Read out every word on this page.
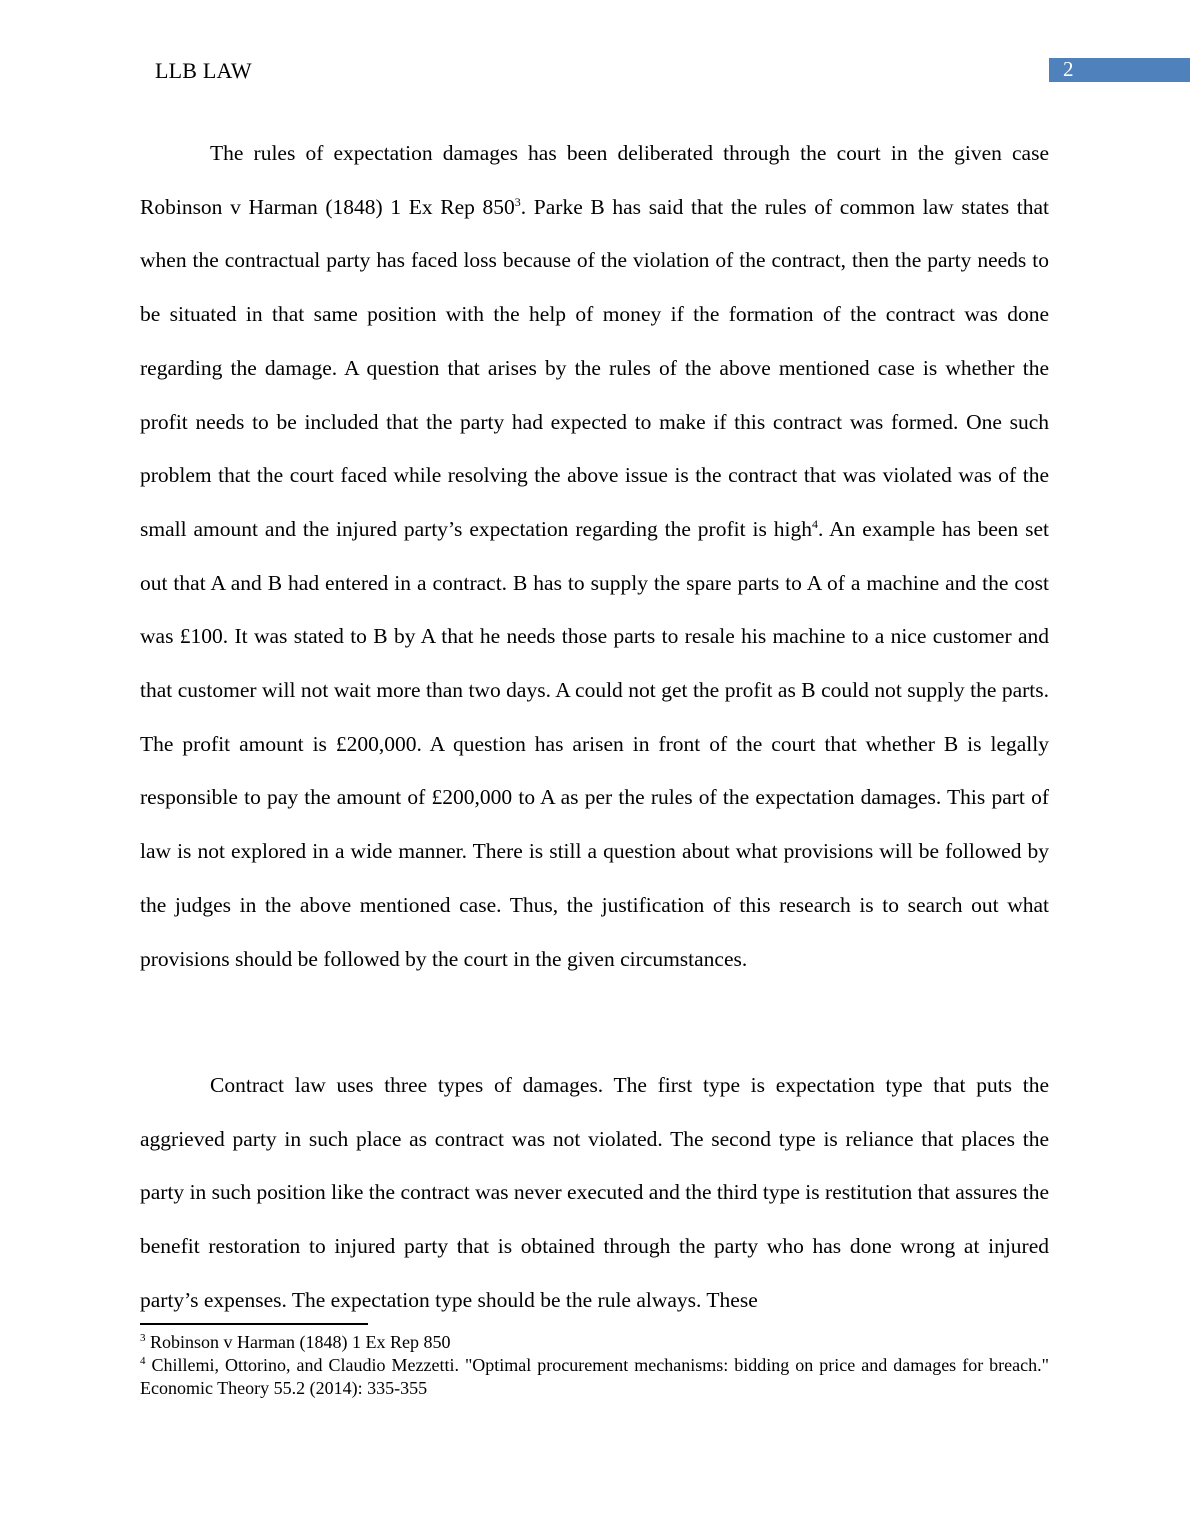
LLB LAW	2

The rules of expectation damages has been deliberated through the court in the given case Robinson v Harman (1848) 1 Ex Rep $850^3$. Parke B has said that the rules of common law states that when the contractual party has faced loss because of the violation of the contract, then the party needs to be situated in that same position with the help of money if the formation of the contract was done regarding the damage. A question that arises by the rules of the above mentioned case is whether the profit needs to be included that the party had expected to make if this contract was formed. One such problem that the court faced while resolving the above issue is the contract that was violated was of the small amount and the injured party’s expectation regarding the profit is high$^4$. An example has been set out that A and B had entered in a contract. B has to supply the spare parts to A of a machine and the cost was £100. It was stated to B by A that he needs those parts to resale his machine to a nice customer and that customer will not wait more than two days. A could not get the profit as B could not supply the parts. The profit amount is £200,000. A question has arisen in front of the court that whether B is legally responsible to pay the amount of £200,000 to A as per the rules of the expectation damages. This part of law is not explored in a wide manner. There is still a question about what provisions will be followed by the judges in the above mentioned case. Thus, the justification of this research is to search out what provisions should be followed by the court in the given circumstances.

Contract law uses three types of damages. The first type is expectation type that puts the aggrieved party in such place as contract was not violated. The second type is reliance that places the party in such position like the contract was never executed and the third type is restitution that assures the benefit restoration to injured party that is obtained through the party who has done wrong at injured party’s expenses. The expectation type should be the rule always. These

$^3$ Robinson v Harman (1848) 1 Ex Rep 850

$^4$ Chillemi, Ottorino, and Claudio Mezzetti. "Optimal procurement mechanisms: bidding on price and damages for breach." Economic Theory 55.2 (2014): 335-355
